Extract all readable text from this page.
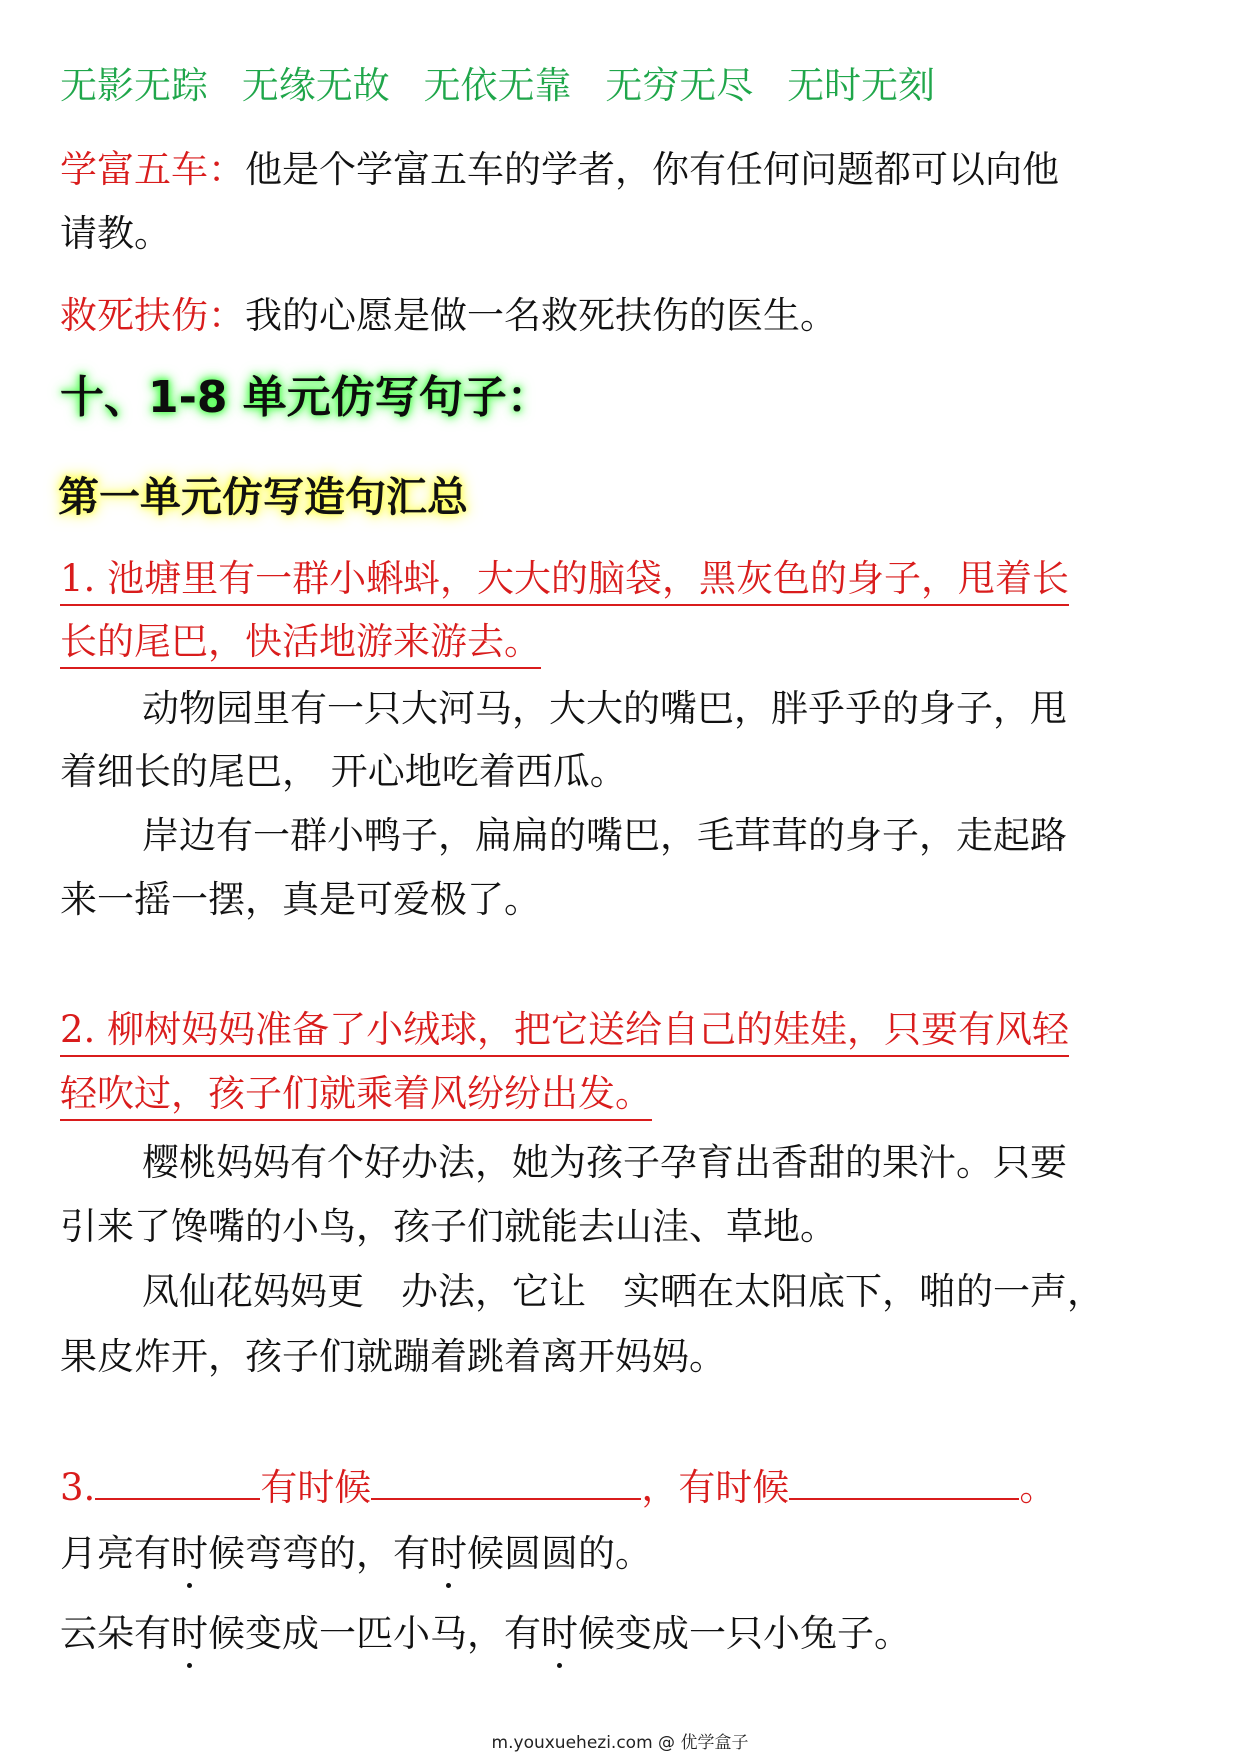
无影无踪 无缘无故 无依无靠 无穷无尽 无时无刻
学富五车：他是个学富五车的学者，你有任何问题都可以向他
请教。
救死扶伤：我的心愿是做一名救死扶伤的医生。
十、1-8 单元仿写句子：
第一单元仿写造句汇总
1. 池塘里有一群小蝌蚪，大大的脑袋，黑灰色的身子，甩着长
长的尾巴，快活地游来游去。
动物园里有一只大河马，大大的嘴巴，胖乎乎的身子，甩
着细长的尾巴， 开心地吃着西瓜。
岸边有一群小鸭子，扁扁的嘴巴，毛茸茸的身子，走起路
来一摇一摆，真是可爱极了。
2. 柳树妈妈准备了小绒球，把它送给自己的娃娃，只要有风轻
轻吹过，孩子们就乘着风纷纷出发。
樱桃妈妈有个好办法，她为孩子孕育出香甜的果汁。只要
引来了馋嘴的小鸟，孩子们就能去山洼、草地。
凤仙花妈妈更　办法，它让　实晒在太阳底下，啪的一声，
果皮炸开，孩子们就蹦着跳着离开妈妈。
3.	有时候	，有时候	。
月亮有时候弯弯的，有时候圆圆的。
云朵有时候变成一匹小马，有时候变成一只小兔子。
m.youxuehezi.com @ 优学盒子
